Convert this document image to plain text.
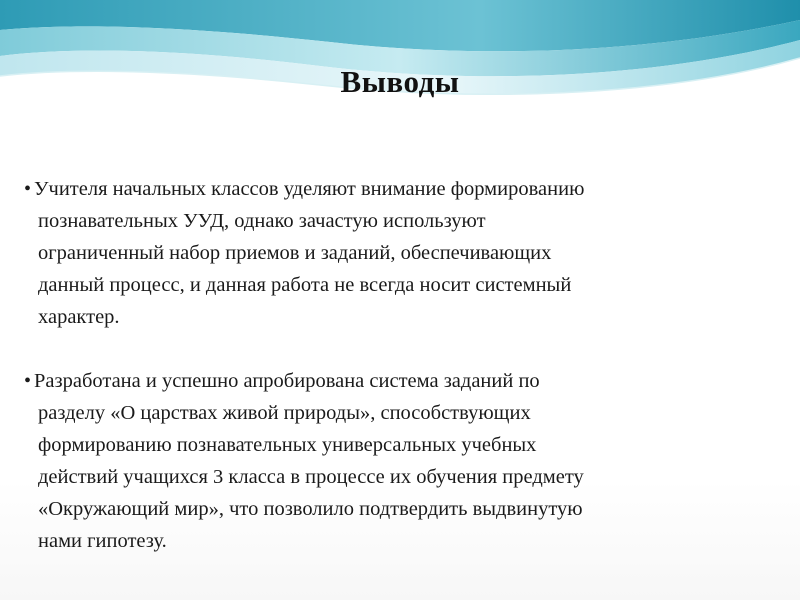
Выводы
• Учителя начальных классов уделяют внимание формированию
познавательных УУД, однако зачастую используют
ограниченный набор приемов и заданий, обеспечивающих
данный процесс, и данная работа не всегда носит системный
характер.
• Разработана и успешно апробирована система заданий по
разделу «О царствах живой природы», способствующих
формированию познавательных универсальных учебных
действий учащихся 3 класса в процессе их обучения предмету
«Окружающий мир», что позволило подтвердить выдвинутую
нами гипотезу.
